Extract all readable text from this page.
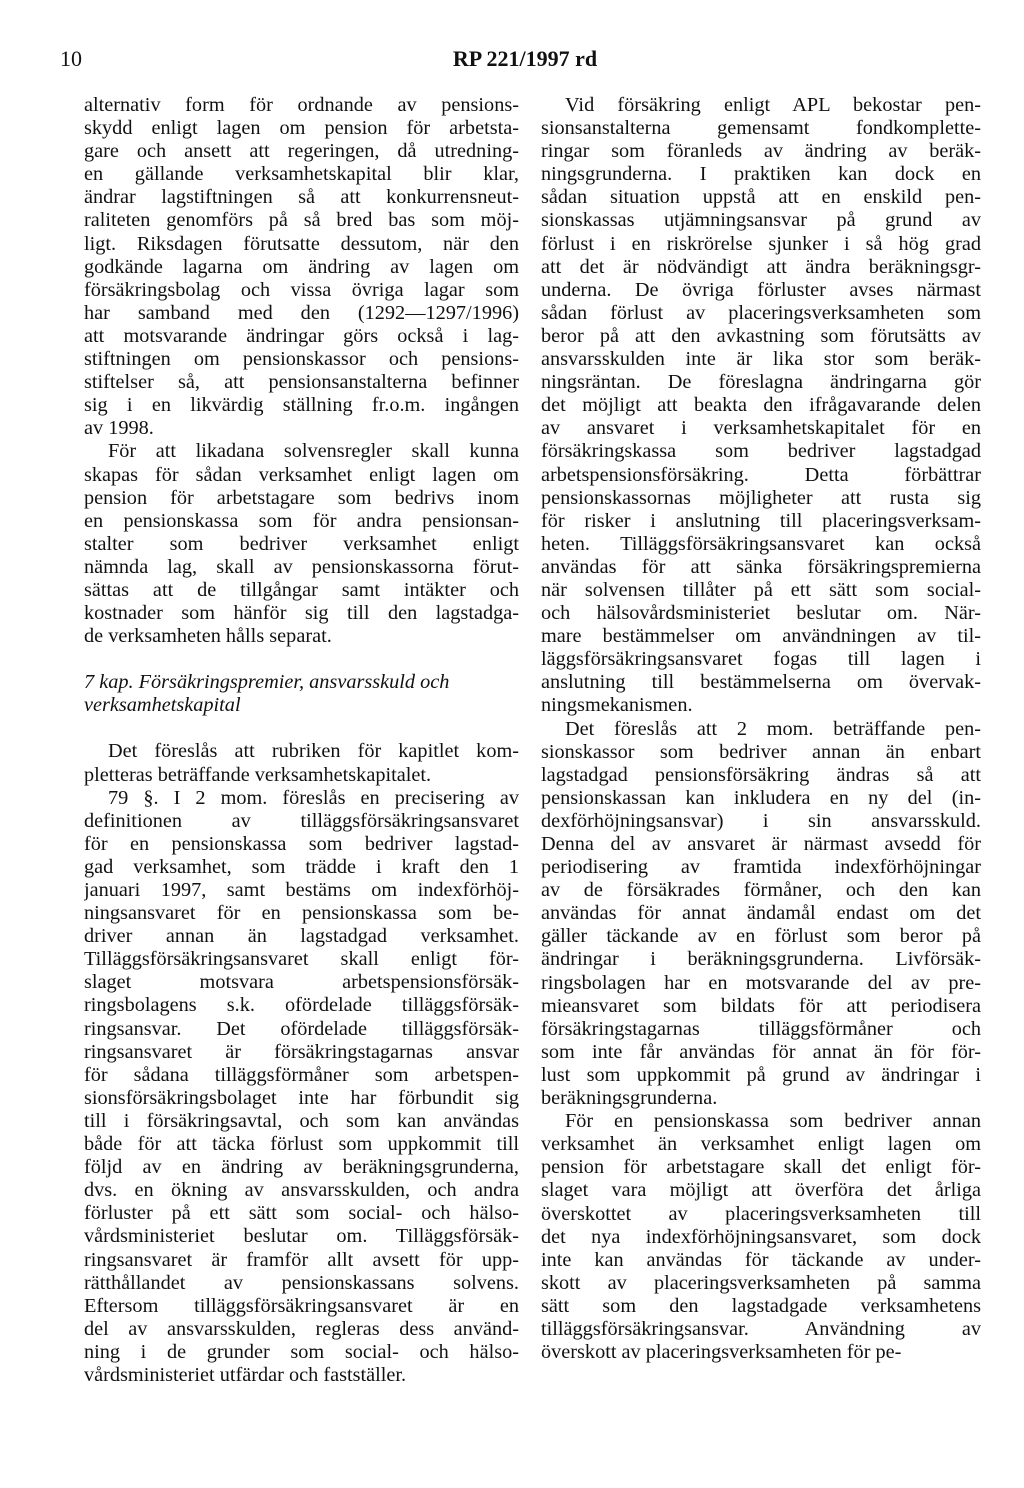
10	RP 221/1997 rd
alternativ form för ordnande av pensions-
skydd enligt lagen om pension för arbetsta-
gare och ansett att regeringen, då utredning-
en gällande verksamhetskapital blir klar,
ändrar lagstiftningen så att konkurrensneut-
raliteten genomförs på så bred bas som möj-
ligt. Riksdagen förutsatte dessutom, när den
godkände lagarna om ändring av lagen om
försäkringsbolag och vissa övriga lagar som
har samband med den (1292—1297/1996)
att motsvarande ändringar görs också i lag-
stiftningen om pensionskassor och pensions-
stiftelser så, att pensionsanstalterna befinner
sig i en likvärdig ställning fr.o.m. ingången
av 1998.
För att likadana solvensregler skall kunna
skapas för sådan verksamhet enligt lagen om
pension för arbetstagare som bedrivs inom
en pensionskassa som för andra pensionsan-
stalter som bedriver verksamhet enligt
nämnda lag, skall av pensionskassorna förut-
sättas att de tillgångar samt intäkter och
kostnader som hänför sig till den lagstadga-
de verksamheten hålls separat.
7 kap. Försäkringspremier, ansvarsskuld och
verksamhetskapital
Det föreslås att rubriken för kapitlet kom-
pletteras beträffande verksamhetskapitalet.
79 §. I 2 mom. föreslås en precisering av
definitionen av tilläggsförsäkringsansvaret
för en pensionskassa som bedriver lagstad-
gad verksamhet, som trädde i kraft den 1
januari 1997, samt bestäms om indexförhöj-
ningsansvaret för en pensionskassa som be-
driver annan än lagstadgad verksamhet.
Tilläggsförsäkringsansvaret skall enligt för-
slaget motsvara arbetspensionsförsäk-
ringsbolagens s.k. ofördelade tilläggsförsäk-
ringsansvar. Det ofördelade tilläggsförsäk-
ringsansvaret är försäkringstagarnas ansvar
för sådana tilläggsförmåner som arbetspen-
sionsförsäkringsbolaget inte har förbundit sig
till i försäkringsavtal, och som kan användas
både för att täcka förlust som uppkommit till
följd av en ändring av beräkningsgrunderna,
dvs. en ökning av ansvarsskulden, och andra
förluster på ett sätt som social- och hälso-
vårdsministeriet beslutar om. Tilläggsförsäk-
ringsansvaret är framför allt avsett för upp-
rätthållandet av pensionskassans solvens.
Eftersom tilläggsförsäkringsansvaret är en
del av ansvarsskulden, regleras dess använd-
ning i de grunder som social- och hälso-
vårdsministeriet utfärdar och fastställer.
Vid försäkring enligt APL bekostar pen-
sionsanstalterna gemensamt fondkomplette-
ringar som föranleds av ändring av beräk-
ningsgrunderna. I praktiken kan dock en
sådan situation uppstå att en enskild pen-
sionskassas utjämningsansvar på grund av
förlust i en riskrörelse sjunker i så hög grad
att det är nödvändigt att ändra beräkningsgr-
underna. De övriga förluster avses närmast
sådan förlust av placeringsverksamheten som
beror på att den avkastning som förutsätts av
ansvarsskulden inte är lika stor som beräk-
ningsräntan. De föreslagna ändringarna gör
det möjligt att beakta den ifrågavarande delen
av ansvaret i verksamhetskapitalet för en
försäkringskassa som bedriver lagstadgad
arbetspensionsförsäkring. Detta förbättrar
pensionskassornas möjligheter att rusta sig
för risker i anslutning till placeringsverksam-
heten. Tilläggsförsäkringsansvaret kan också
användas för att sänka försäkringspremierna
när solvensen tillåter på ett sätt som social-
och hälsovårdsministeriet beslutar om. När-
mare bestämmelser om användningen av til-
läggsförsäkringsansvaret fogas till lagen i
anslutning till bestämmelserna om övervak-
ningsmekanismen.
Det föreslås att 2 mom. beträffande pen-
sionskassor som bedriver annan än enbart
lagstadgad pensionsförsäkring ändras så att
pensionskassan kan inkludera en ny del (in-
dexförhöjningsansvar) i sin ansvarsskuld.
Denna del av ansvaret är närmast avsedd för
periodisering av framtida indexförhöjningar
av de försäkrades förmåner, och den kan
användas för annat ändamål endast om det
gäller täckande av en förlust som beror på
ändringar i beräkningsgrunderna. Livförsäk-
ringsbolagen har en motsvarande del av pre-
mieansvaret som bildats för att periodisera
försäkringstagarnas tilläggsförmåner och
som inte får användas för annat än för för-
lust som uppkommit på grund av ändringar i
beräkningsgrunderna.
För en pensionskassa som bedriver annan
verksamhet än verksamhet enligt lagen om
pension för arbetstagare skall det enligt för-
slaget vara möjligt att överföra det årliga
överskottet av placeringsverksamheten till
det nya indexförhöjningsansvaret, som dock
inte kan användas för täckande av under-
skott av placeringsverksamheten på samma
sätt som den lagstadgade verksamhetens
tilläggsförsäkringsansvar. Användning av
överskott av placeringsverksamheten för pe-
